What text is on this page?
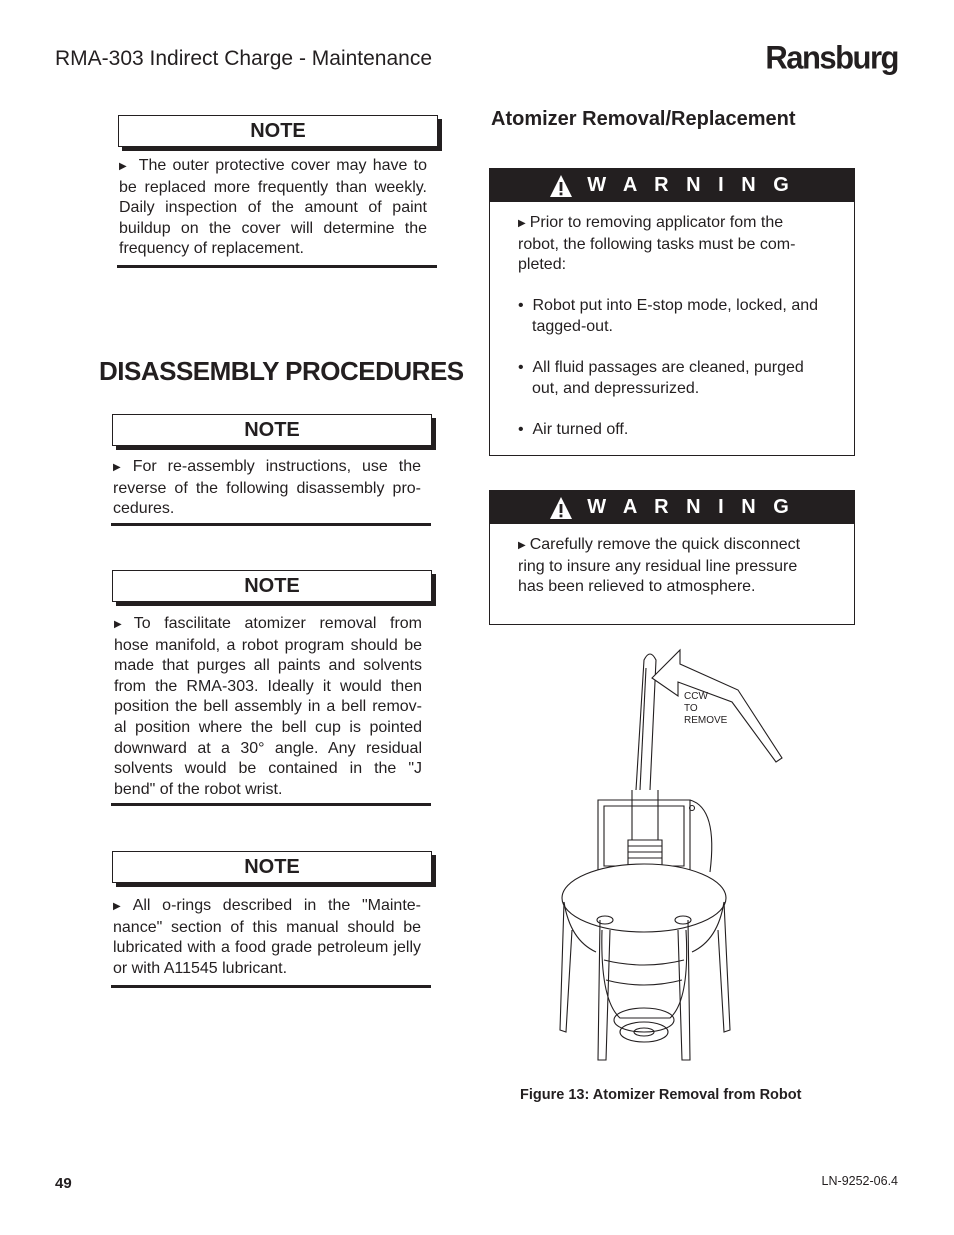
RMA-303 Indirect Charge - Maintenance	Ransburg
NOTE
▶ The outer protective cover may have to be replaced more frequently than weekly. Daily inspection of the amount of paint buildup on the cover will determine the frequency of replacement.
DISASSEMBLY PROCEDURES
NOTE
▶ For re-assembly instructions, use the reverse of the following disassembly pro-cedures.
NOTE
▶ To fascilitate atomizer removal from hose manifold, a robot program should be made that purges all paints and solvents from the RMA-303. Ideally it would then position the bell assembly in a bell remov-al position where the bell cup is pointed downward at a 30° angle. Any residual solvents would be contained in the "J bend" of the robot wrist.
NOTE
▶ All o-rings described in the "Mainte-nance" section of this manual should be lubricated with a food grade petroleum jelly or with A11545 lubricant.
Atomizer Removal/Replacement
W A R N I N G

▶ Prior to removing applicator fom the robot, the following tasks must be com-pleted:

•  Robot put into E-stop mode, locked, and tagged-out.

•  All fluid passages are cleaned, purged out, and depressurized.

•  Air turned off.

W A R N I N G

▶ Carefully remove the quick disconnect ring to insure any residual line pressure has been relieved to atmosphere.

CCW
TO
REMOVE
Figure 13: Atomizer Removal from Robot
49	LN-9252-06.4
